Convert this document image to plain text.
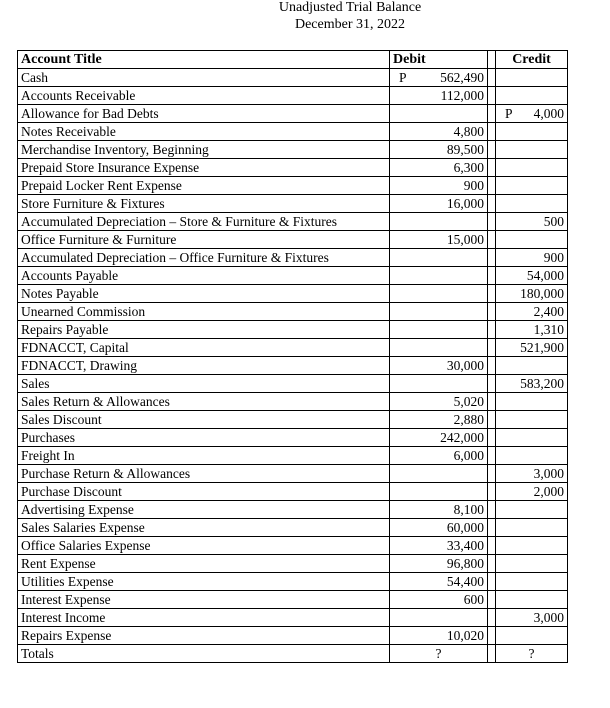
Unadjusted Trial Balance
December 31, 2022
Account Title	Debit		Credit
Cash	P 562,490		
Accounts Receivable	112,000		
Allowance for Bad Debts			P 4,000
Notes Receivable	4,800		
Merchandise Inventory, Beginning	89,500		
Prepaid Store Insurance Expense	6,300		
Prepaid Locker Rent Expense	900		
Store Furniture & Fixtures	16,000		
Accumulated Depreciation – Store & Furniture & Fixtures			500
Office Furniture & Furniture	15,000		
Accumulated Depreciation – Office Furniture & Fixtures			900
Accounts Payable			54,000
Notes Payable			180,000
Unearned Commission			2,400
Repairs Payable			1,310
FDNACCT, Capital			521,900
FDNACCT, Drawing	30,000		
Sales			583,200
Sales Return & Allowances	5,020		
Sales Discount	2,880		
Purchases	242,000		
Freight In	6,000		
Purchase Return & Allowances			3,000
Purchase Discount			2,000
Advertising Expense	8,100		
Sales Salaries Expense	60,000		
Office Salaries Expense	33,400		
Rent Expense	96,800		
Utilities Expense	54,400		
Interest Expense	600		
Interest Income			3,000
Repairs Expense	10,020		
Totals	?		?
